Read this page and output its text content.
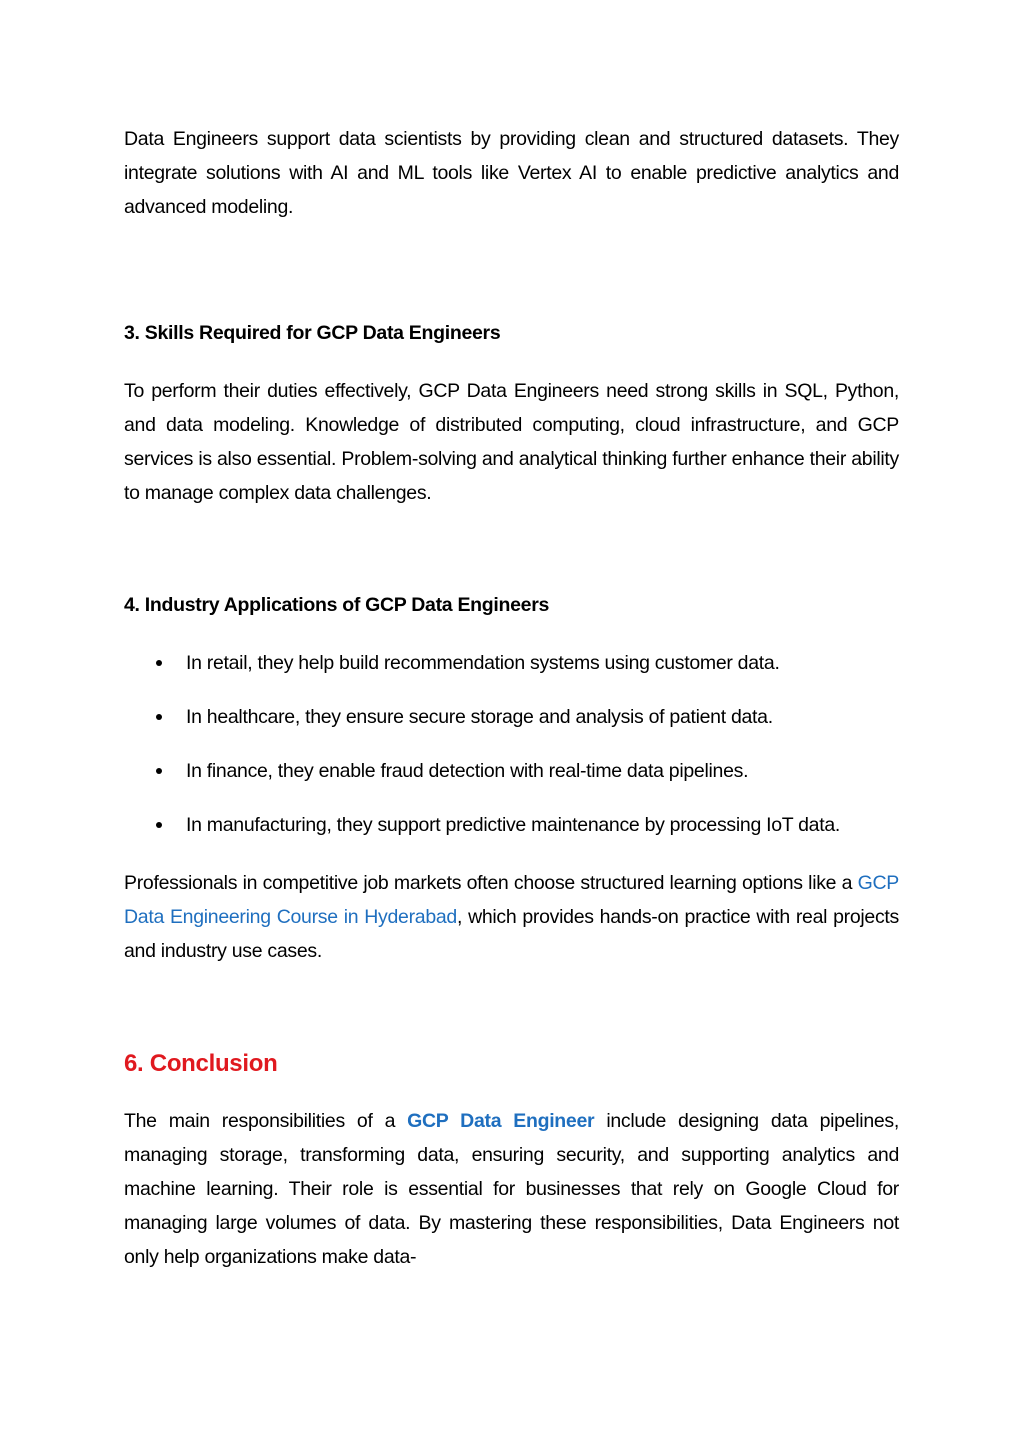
Data Engineers support data scientists by providing clean and structured datasets. They integrate solutions with AI and ML tools like Vertex AI to enable predictive analytics and advanced modeling.

3. Skills Required for GCP Data Engineers

To perform their duties effectively, GCP Data Engineers need strong skills in SQL, Python, and data modeling. Knowledge of distributed computing, cloud infrastructure, and GCP services is also essential. Problem-solving and analytical thinking further enhance their ability to manage complex data challenges.

4. Industry Applications of GCP Data Engineers
In retail, they help build recommendation systems using customer data.
In healthcare, they ensure secure storage and analysis of patient data.
In finance, they enable fraud detection with real-time data pipelines.
In manufacturing, they support predictive maintenance by processing IoT data.

Professionals in competitive job markets often choose structured learning options like a GCP Data Engineering Course in Hyderabad, which provides hands-on practice with real projects and industry use cases.

6. Conclusion

The main responsibilities of a GCP Data Engineer include designing data pipelines, managing storage, transforming data, ensuring security, and supporting analytics and machine learning. Their role is essential for businesses that rely on Google Cloud for managing large volumes of data. By mastering these responsibilities, Data Engineers not only help organizations make data-
